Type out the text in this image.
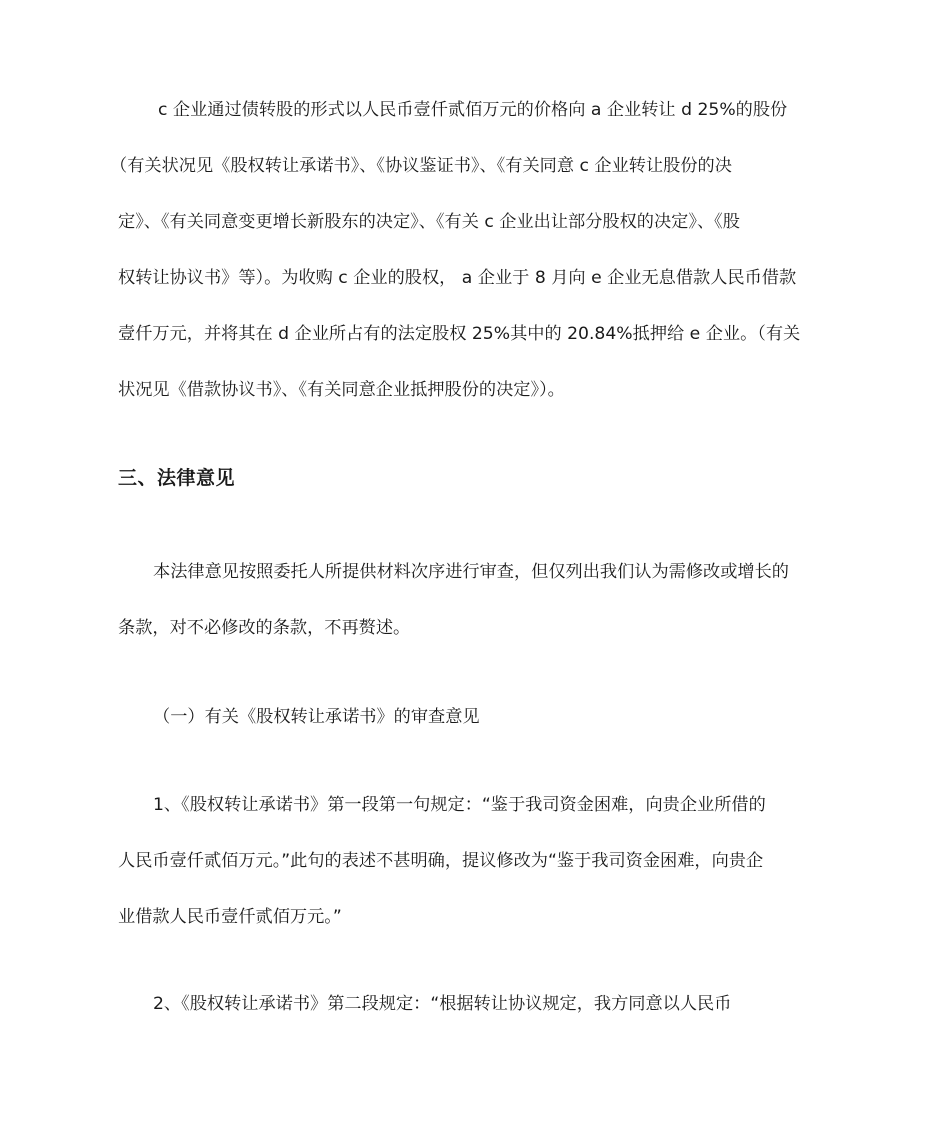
c 企业通过债转股的形式以人民币壹仟贰佰万元的价格向 a 企业转让 d 25%的股份
（有关状况见《股权转让承诺书》、《协议鉴证书》、《有关同意 c 企业转让股份的决
定》、《有关同意变更增长新股东的决定》、《有关 c 企业出让部分股权的决定》、《股
权转让协议书》等）。为收购 c 企业的股权， a 企业于 8 月向 e 企业无息借款人民币借款
壹仟万元，并将其在 d 企业所占有的法定股权 25%其中的 20.84%抵押给 e 企业。（有关
状况见《借款协议书》、《有关同意企业抵押股份的决定》）。
三、法律意见
本法律意见按照委托人所提供材料次序进行审查，但仅列出我们认为需修改或增长的
条款，对不必修改的条款，不再赘述。
（一）有关《股权转让承诺书》的审查意见
1、《股权转让承诺书》第一段第一句规定：“鉴于我司资金困难，向贵企业所借的
人民币壹仟贰佰万元。”此句的表述不甚明确，提议修改为“鉴于我司资金困难，向贵企
业借款人民币壹仟贰佰万元。”
2、《股权转让承诺书》第二段规定：“根据转让协议规定，我方同意以人民币
